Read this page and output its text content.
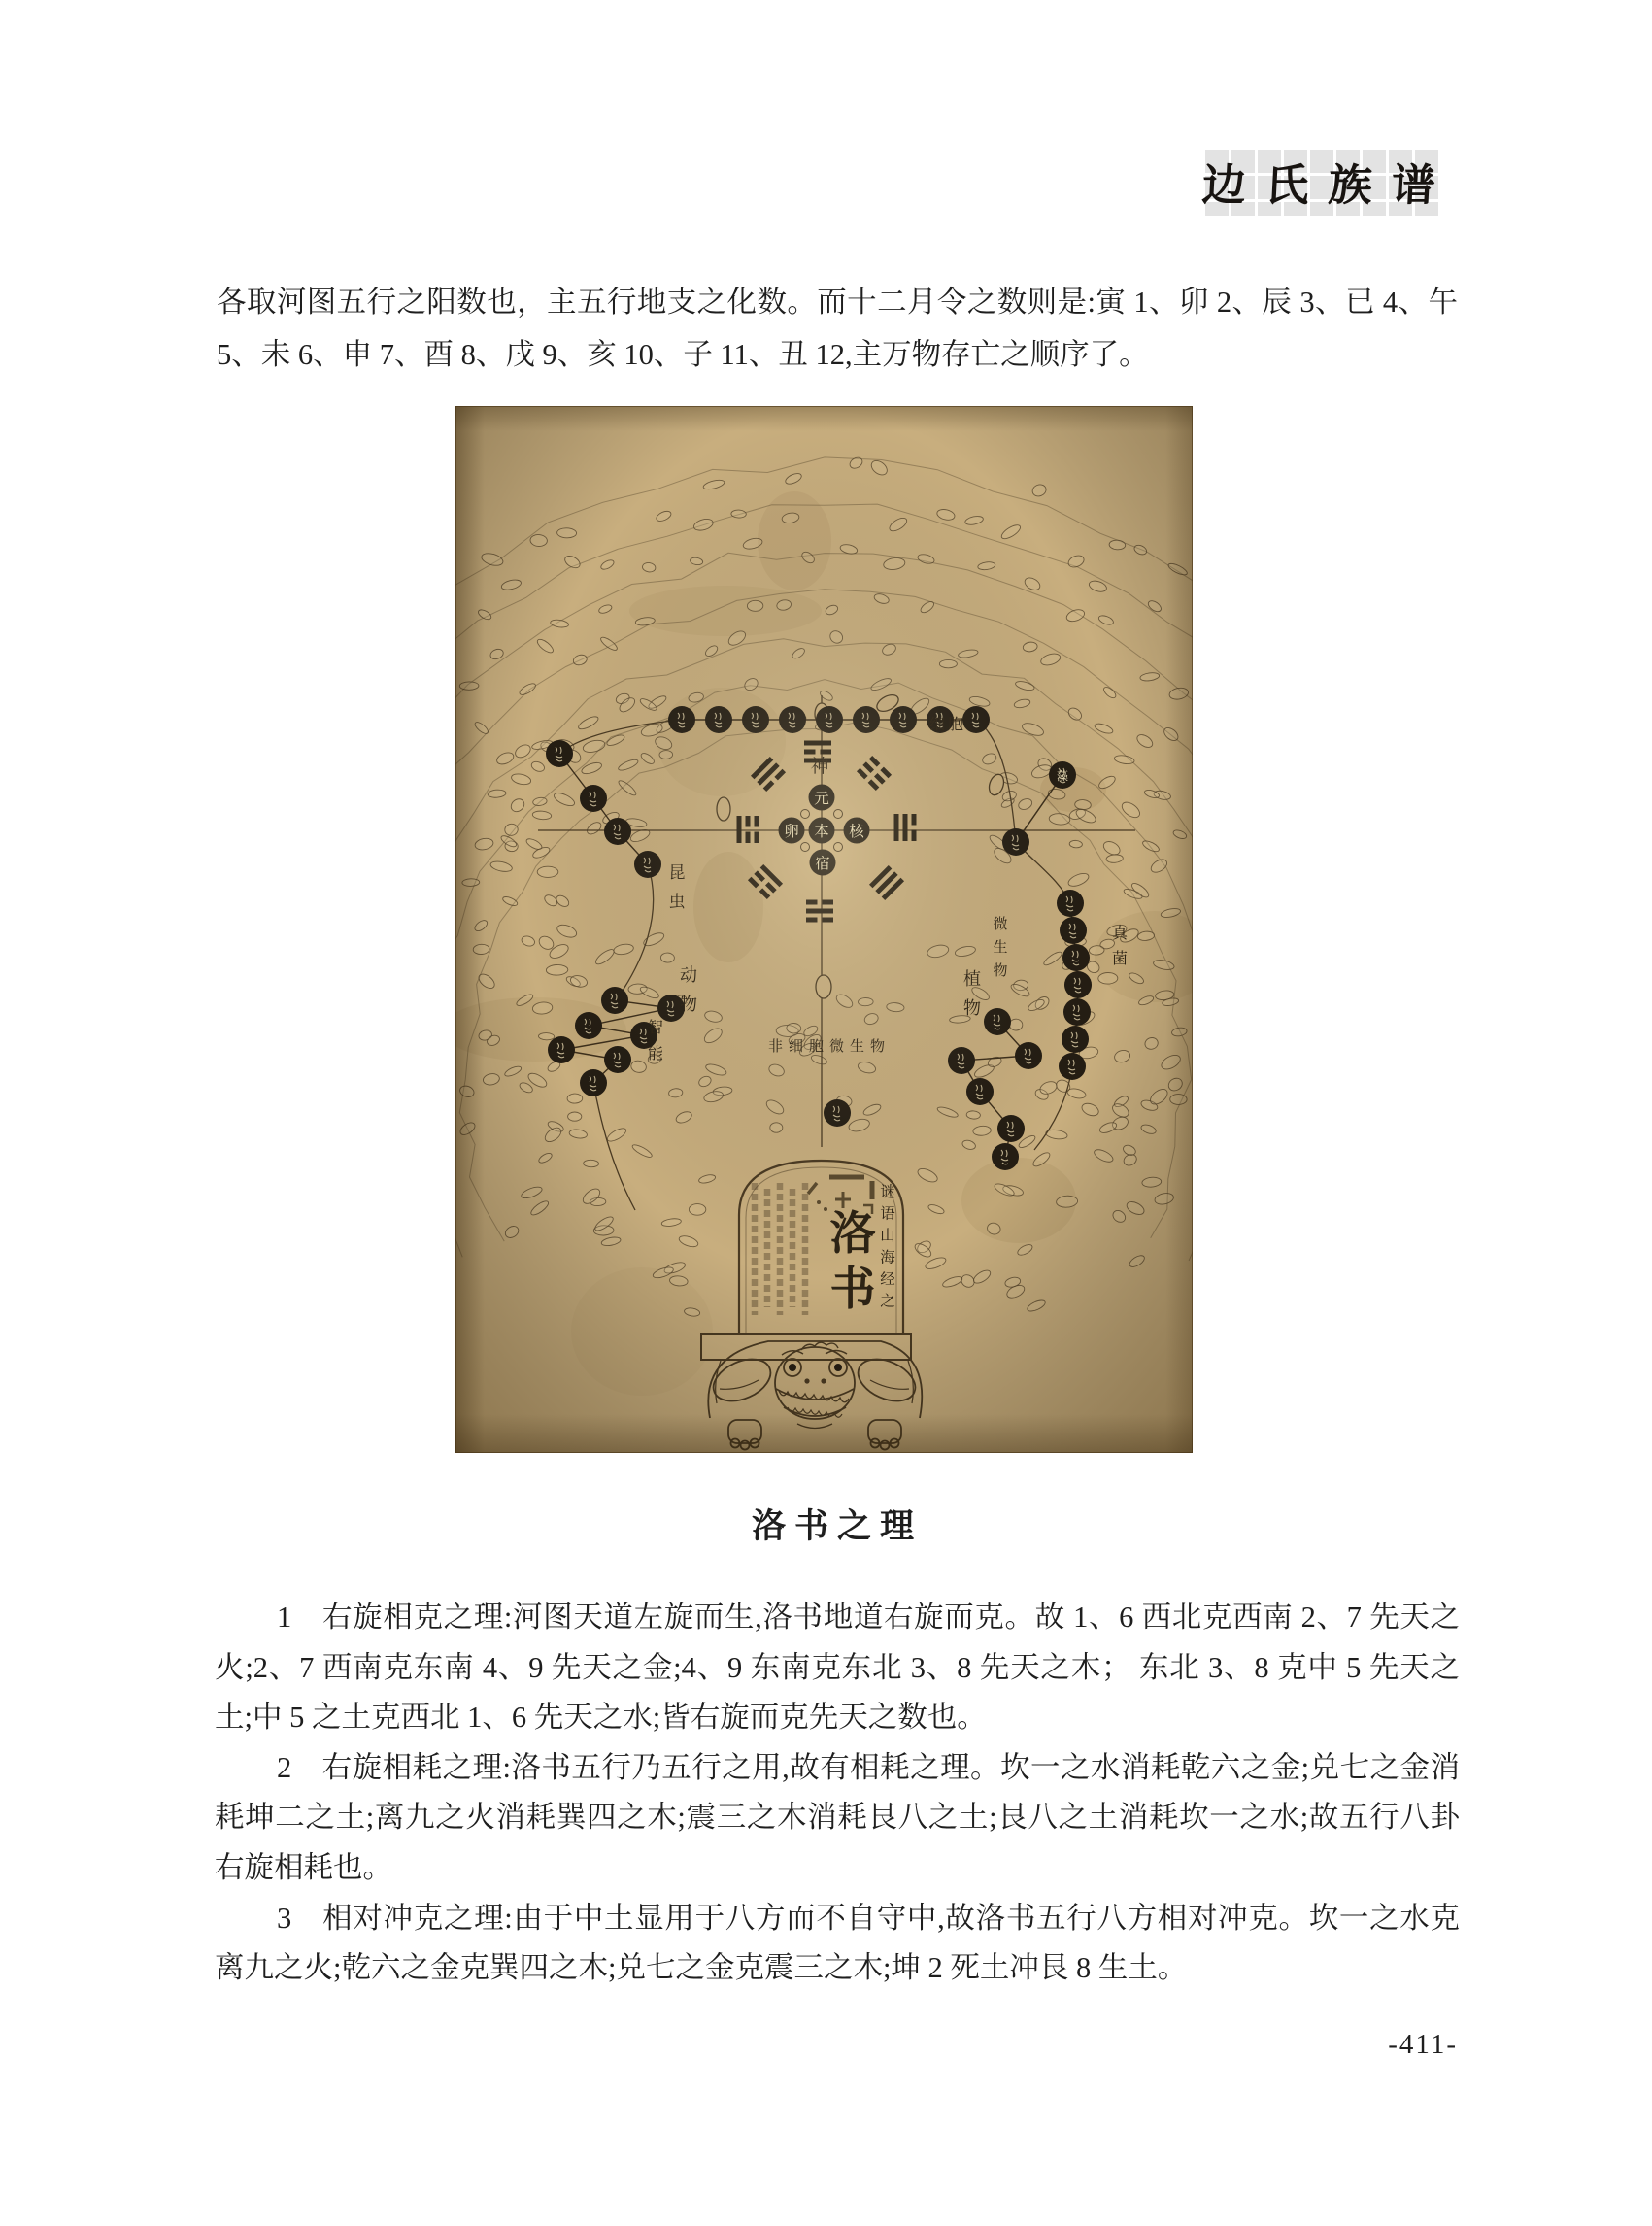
边氏族谱

各取河图五行之阳数也，主五行地支之化数。而十二月令之数则是:寅 1、卯 2、辰 3、已 4、午 5、未 6、申 7、酉 8、戌 9、亥 10、子 11、丑 12,主万物存亡之顺序了。

洛书之理

1　右旋相克之理:河图天道左旋而生,洛书地道右旋而克。故 1、6 西北克西南 2、7 先天之火;2、7 西南克东南 4、9 先天之金;4、9 东南克东北 3、8 先天之木； 东北 3、8 克中 5 先天之土;中 5 之土克西北 1、6 先天之水;皆右旋而克先天之数也。

2　右旋相耗之理:洛书五行乃五行之用,故有相耗之理。坎一之水消耗乾六之金;兑七之金消耗坤二之土;离九之火消耗巽四之木;震三之木消耗艮八之土;艮八之土消耗坎一之水;故五行八卦右旋相耗也。

3　相对冲克之理:由于中土显用于八方而不自守中,故洛书五行八方相对冲克。坎一之水克离九之火;乾六之金克巽四之木;兑七之金克震三之木;坤 2 死土冲艮 8 生土。

-411-
